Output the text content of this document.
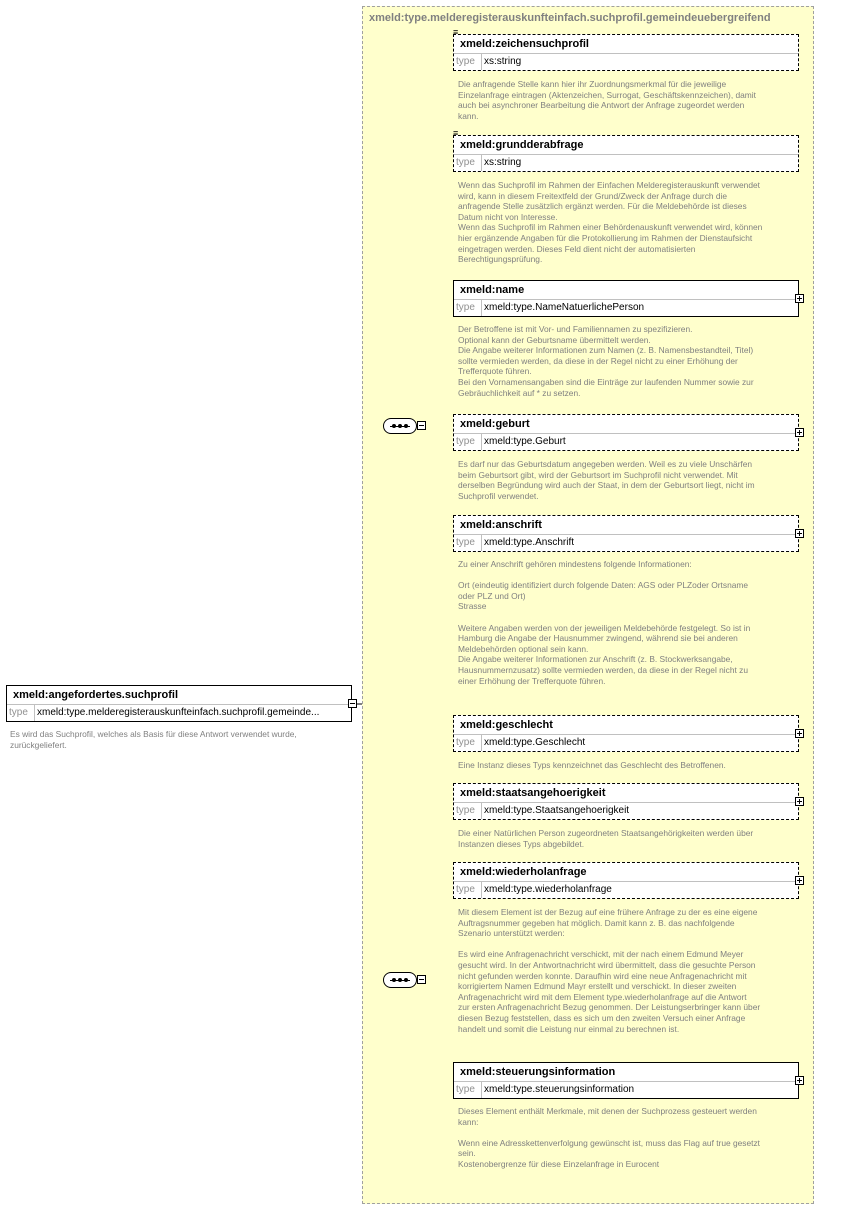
xmeld:type.melderegisterauskunfteinfach.suchprofil.gemeindeuebergreifend
xmeld:angefordertes.suchprofil
type xmeld:type.melderegisterauskunfteinfach.suchprofil.gemeinde...
Es wird das Suchprofil, welches als Basis für diese Antwort verwendet wurde,
zurückgeliefert.
≡
xmeld:zeichensuchprofil
type xs:string
Die anfragende Stelle kann hier ihr Zuordnungsmerkmal für die jeweilige
Einzelanfrage eintragen (Aktenzeichen, Surrogat, Geschäftskennzeichen), damit
auch bei asynchroner Bearbeitung die Antwort der Anfrage zugeordet werden
kann.
≡
xmeld:grundderabfrage
type xs:string
Wenn das Suchprofil im Rahmen der Einfachen Melderegisterauskunft verwendet
wird, kann in diesem Freitextfeld der Grund/Zweck der Anfrage durch die
anfragende Stelle zusätzlich ergänzt werden. Für die Meldebehörde ist dieses
Datum nicht von Interesse.
Wenn das Suchprofil im Rahmen einer Behördenauskunft verwendet wird, können
hier ergänzende Angaben für die Protokollierung im Rahmen der Dienstaufsicht
eingetragen werden. Dieses Feld dient nicht der automatisierten
Berechtigungsprüfung.
xmeld:name
type xmeld:type.NameNatuerlichePerson
Der Betroffene ist mit Vor- und Familiennamen zu spezifizieren.
Optional kann der Geburtsname übermittelt werden.
Die Angabe weiterer Informationen zum Namen (z. B. Namensbestandteil, Titel)
sollte vermieden werden, da diese in der Regel nicht zu einer Erhöhung der
Trefferquote führen.
Bei den Vornamensangaben sind die Einträge zur laufenden Nummer sowie zur
Gebräuchlichkeit auf * zu setzen.
xmeld:geburt
type xmeld:type.Geburt
Es darf nur das Geburtsdatum angegeben werden. Weil es zu viele Unschärfen
beim Geburtsort gibt, wird der Geburtsort im Suchprofil nicht verwendet. Mit
derselben Begründung wird auch der Staat, in dem der Geburtsort liegt, nicht im
Suchprofil verwendet.
xmeld:anschrift
type xmeld:type.Anschrift
Zu einer Anschrift gehören mindestens folgende Informationen:

Ort (eindeutig identifiziert durch folgende Daten: AGS oder PLZoder Ortsname
oder PLZ und Ort)
Strasse

Weitere Angaben werden von der jeweiligen Meldebehörde festgelegt. So ist in
Hamburg die Angabe der Hausnummer zwingend, während sie bei anderen
Meldebehörden optional sein kann.
Die Angabe weiterer Informationen zur Anschrift (z. B. Stockwerksangabe,
Hausnummernzusatz) sollte vermieden werden, da diese in der Regel nicht zu
einer Erhöhung der Trefferquote führen.
xmeld:geschlecht
type xmeld:type.Geschlecht
Eine Instanz dieses Typs kennzeichnet das Geschlecht des Betroffenen.
xmeld:staatsangehoerigkeit
type xmeld:type.Staatsangehoerigkeit
Die einer Natürlichen Person zugeordneten Staatsangehörigkeiten werden über
Instanzen dieses Typs abgebildet.
xmeld:wiederholanfrage
type xmeld:type.wiederholanfrage
Mit diesem Element ist der Bezug auf eine frühere Anfrage zu der es eine eigene
Auftragsnummer gegeben hat möglich. Damit kann z. B. das nachfolgende
Szenario unterstützt werden:

Es wird eine Anfragenachricht verschickt, mit der nach einem Edmund Meyer
gesucht wird. In der Antwortnachricht wird übermittelt, dass die gesuchte Person
nicht gefunden werden konnte. Daraufhin wird eine neue Anfragenachricht mit
korrigiertem Namen Edmund Mayr erstellt und verschickt. In dieser zweiten
Anfragenachricht wird mit dem Element type.wiederholanfrage auf die Antwort
zur ersten Anfragenachricht Bezug genommen. Der Leistungserbringer kann über
diesen Bezug feststellen, dass es sich um den zweiten Versuch einer Anfrage
handelt und somit die Leistung nur einmal zu berechnen ist.
xmeld:steuerungsinformation
type xmeld:type.steuerungsinformation
Dieses Element enthält Merkmale, mit denen der Suchprozess gesteuert werden
kann:

Wenn eine Adresskettenverfolgung gewünscht ist, muss das Flag auf true gesetzt
sein.
Kostenobergrenze für diese Einzelanfrage in Eurocent
